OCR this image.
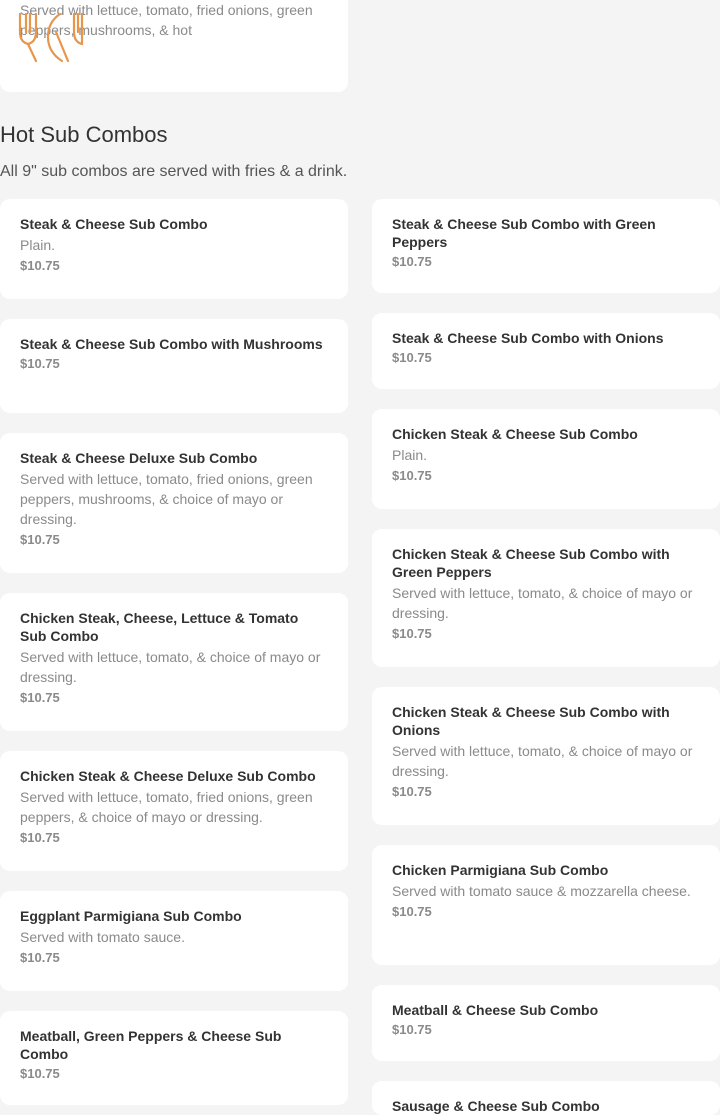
Served with lettuce, tomato, fried onions, green peppers, mushrooms, & hot
Hot Sub Combos
All 9" sub combos are served with fries & a drink.
Steak & Cheese Sub Combo
Plain.
$10.75
Steak & Cheese Sub Combo with Mushrooms
$10.75
Steak & Cheese Deluxe Sub Combo
Served with lettuce, tomato, fried onions, green peppers, mushrooms, & choice of mayo or dressing.
$10.75
Chicken Steak, Cheese, Lettuce & Tomato Sub Combo
Served with lettuce, tomato, & choice of mayo or dressing.
$10.75
Chicken Steak & Cheese Deluxe Sub Combo
Served with lettuce, tomato, fried onions, green peppers, & choice of mayo or dressing.
$10.75
Eggplant Parmigiana Sub Combo
Served with tomato sauce.
$10.75
Meatball, Green Peppers & Cheese Sub Combo
$10.75
Steak & Cheese Sub Combo with Green Peppers
$10.75
Steak & Cheese Sub Combo with Onions
$10.75
Chicken Steak & Cheese Sub Combo
Plain.
$10.75
Chicken Steak & Cheese Sub Combo with Green Peppers
Served with lettuce, tomato, & choice of mayo or dressing.
$10.75
Chicken Steak & Cheese Sub Combo with Onions
Served with lettuce, tomato, & choice of mayo or dressing.
$10.75
Chicken Parmigiana Sub Combo
Served with tomato sauce & mozzarella cheese.
$10.75
Meatball & Cheese Sub Combo
$10.75
Sausage & Cheese Sub Combo
